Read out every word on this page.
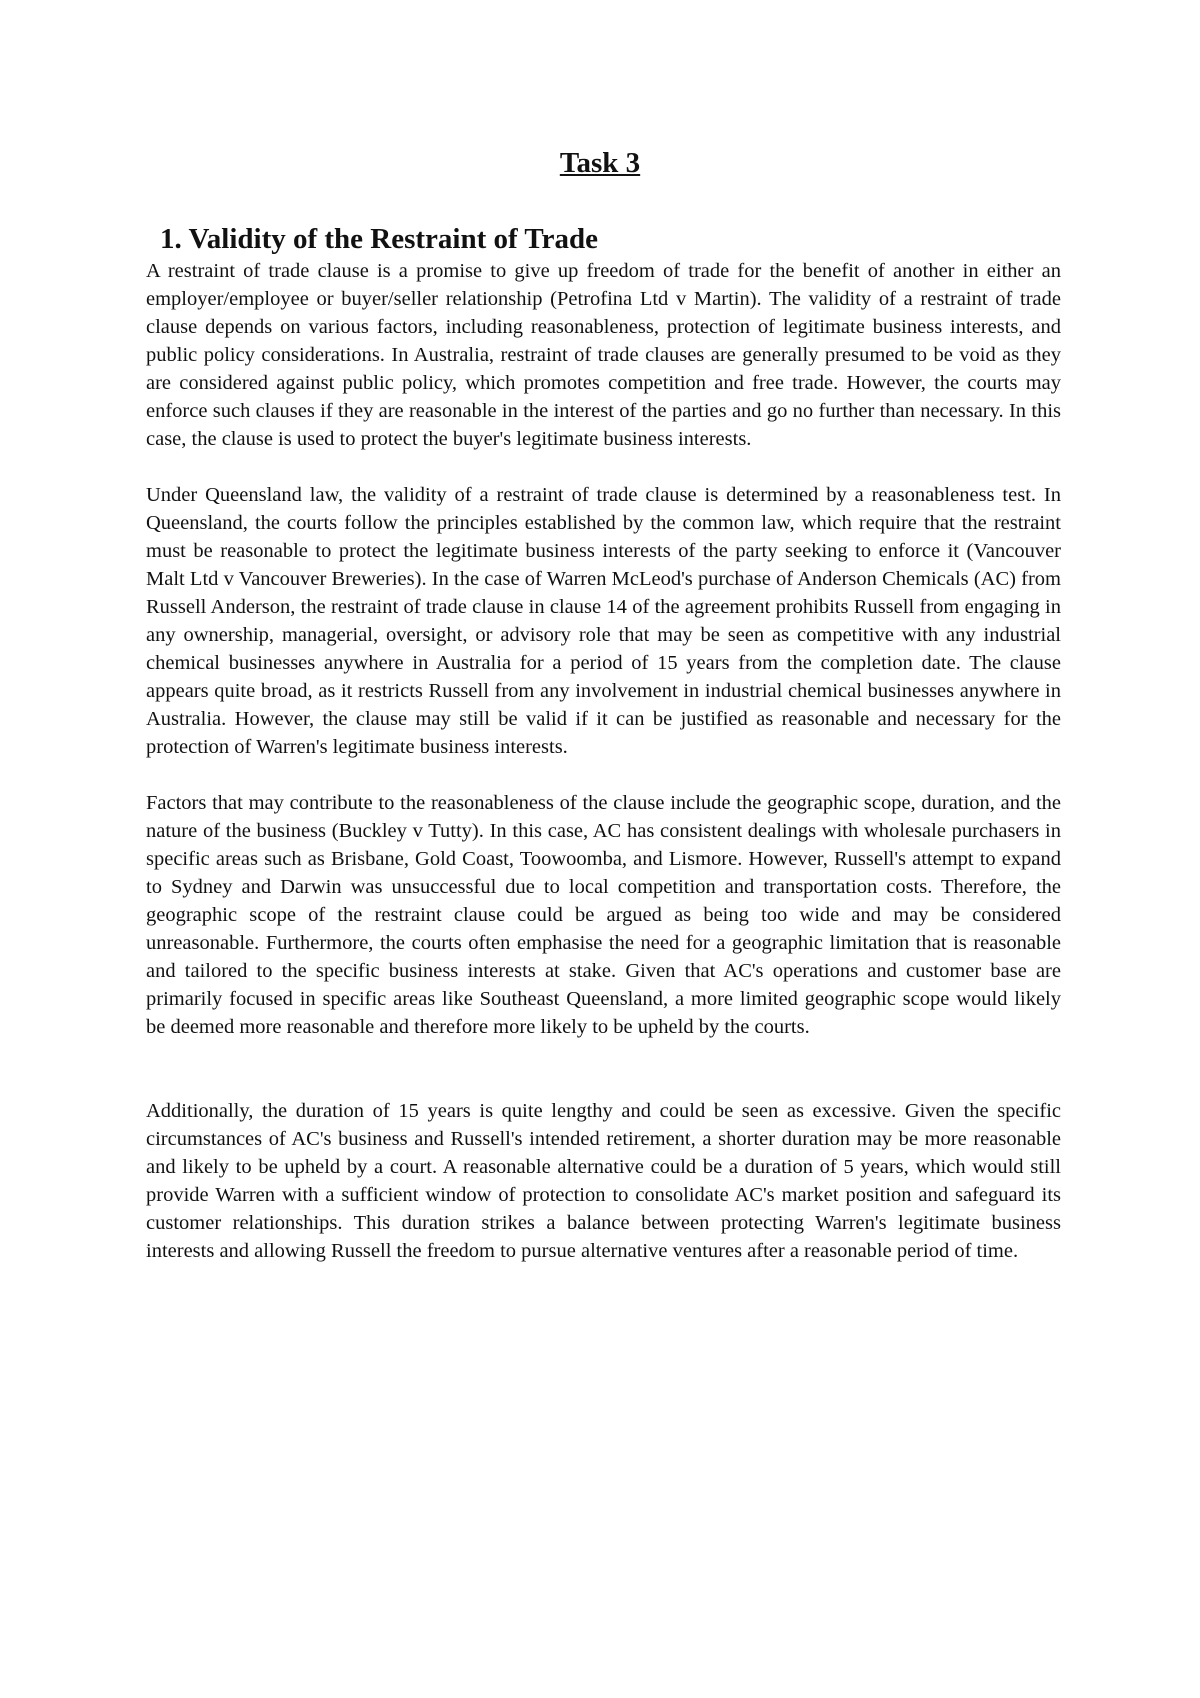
Task 3
1. Validity of the Restraint of Trade

A restraint of trade clause is a promise to give up freedom of trade for the benefit of another in either an employer/employee or buyer/seller relationship (Petrofina Ltd v Martin). The validity of a restraint of trade clause depends on various factors, including reasonableness, protection of legitimate business interests, and public policy considerations. In Australia, restraint of trade clauses are generally presumed to be void as they are considered against public policy, which promotes competition and free trade. However, the courts may enforce such clauses if they are reasonable in the interest of the parties and go no further than necessary. In this case, the clause is used to protect the buyer's legitimate business interests.

Under Queensland law, the validity of a restraint of trade clause is determined by a reasonableness test. In Queensland, the courts follow the principles established by the common law, which require that the restraint must be reasonable to protect the legitimate business interests of the party seeking to enforce it (Vancouver Malt Ltd v Vancouver Breweries). In the case of Warren McLeod's purchase of Anderson Chemicals (AC) from Russell Anderson, the restraint of trade clause in clause 14 of the agreement prohibits Russell from engaging in any ownership, managerial, oversight, or advisory role that may be seen as competitive with any industrial chemical businesses anywhere in Australia for a period of 15 years from the completion date. The clause appears quite broad, as it restricts Russell from any involvement in industrial chemical businesses anywhere in Australia. However, the clause may still be valid if it can be justified as reasonable and necessary for the protection of Warren's legitimate business interests.

Factors that may contribute to the reasonableness of the clause include the geographic scope, duration, and the nature of the business (Buckley v Tutty). In this case, AC has consistent dealings with wholesale purchasers in specific areas such as Brisbane, Gold Coast, Toowoomba, and Lismore. However, Russell's attempt to expand to Sydney and Darwin was unsuccessful due to local competition and transportation costs. Therefore, the geographic scope of the restraint clause could be argued as being too wide and may be considered unreasonable. Furthermore, the courts often emphasise the need for a geographic limitation that is reasonable and tailored to the specific business interests at stake. Given that AC's operations and customer base are primarily focused in specific areas like Southeast Queensland, a more limited geographic scope would likely be deemed more reasonable and therefore more likely to be upheld by the courts.

Additionally, the duration of 15 years is quite lengthy and could be seen as excessive. Given the specific circumstances of AC's business and Russell's intended retirement, a shorter duration may be more reasonable and likely to be upheld by a court. A reasonable alternative could be a duration of 5 years, which would still provide Warren with a sufficient window of protection to consolidate AC's market position and safeguard its customer relationships. This duration strikes a balance between protecting Warren's legitimate business interests and allowing Russell the freedom to pursue alternative ventures after a reasonable period of time.
